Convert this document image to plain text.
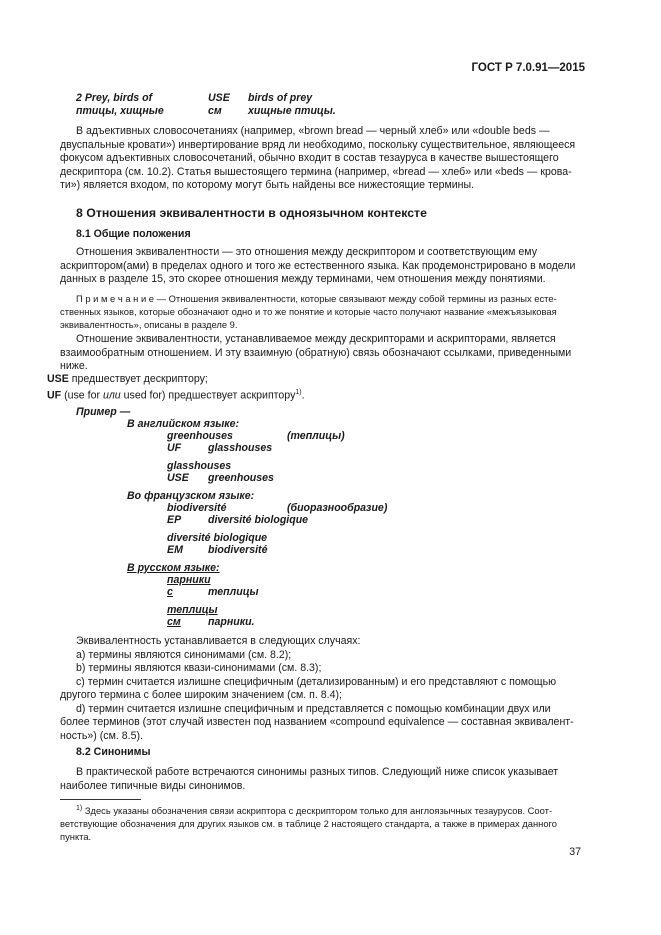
ГОСТ Р 7.0.91—2015
2 Prey, birds of	USE birds of prey
птицы, хищные	см хищные птицы.
В адъективных словосочетаниях (например, «brown bread — черный хлеб» или «double beds —
двуспальные кровати») инвертирование вряд ли необходимо, поскольку существительное, являющееся
фокусом адъективных словосочетаний, обычно входит в состав тезауруса в качестве вышестоящего
дескриптора (см. 10.2). Статья вышестоящего термина (например, «bread — хлеб» или «beds — крова-
ти») является входом, по которому могут быть найдены все нижестоящие термины.
8 Отношения эквивалентности в одноязычном контексте
8.1 Общие положения
Отношения эквивалентности — это отношения между дескриптором и соответствующим ему
аскриптором(ами) в пределах одного и того же естественного языка. Как продемонстрировано в модели
данных в разделе 15, это скорее отношения между терминами, чем отношения между понятиями.
П р и м е ч а н и е — Отношения эквивалентности, которые связывают между собой термины из разных есте-
ственных языков, которые обозначают одно и то же понятие и которые часто получают название «межъязыковая
эквивалентность», описаны в разделе 9.
Отношение эквивалентности, устанавливаемое между дескрипторами и аскрипторами, является
взаимообратным отношением. И эту взаимную (обратную) связь обозначают ссылками, приведенными
ниже.
USE предшествует дескриптору;
UF (use for или used for) предшествует аскриптору$^{1)}$.
Пример —
В английском языке:
greenhouses	(теплицы)
UF	glasshouses
glasshouses
USE greenhouses
Во французском языке:
biodiversité	(биоразнообразие)
EP	diversité biologique
diversité biologique
EM biodiversité
В русском языке:
парники
с	теплицы
теплицы
см	парники.
Эквивалентность устанавливается в следующих случаях:
а) термины являются синонимами (см. 8.2);
b) термины являются квази-синонимами (см. 8.3);
c) термин считается излишне специфичным (детализированным) и его представляют с помощью
другого термина с более широким значением (см. п. 8.4);
d) термин считается излишне специфичным и представляется с помощью комбинации двух или
более терминов (этот случай известен под названием «compound equivalence — составная эквивалент-
ность») (см. 8.5).
8.2 Синонимы
В практической работе встречаются синонимы разных типов. Следующий ниже список указывает
наиболее типичные виды синонимов.
$^{1)}$ Здесь указаны обозначения связи аскриптора с дескриптором только для англоязычных тезаурусов. Соот-
ветствующие обозначения для других языков см. в таблице 2 настоящего стандарта, а также в примерах данного
пункта.
37
